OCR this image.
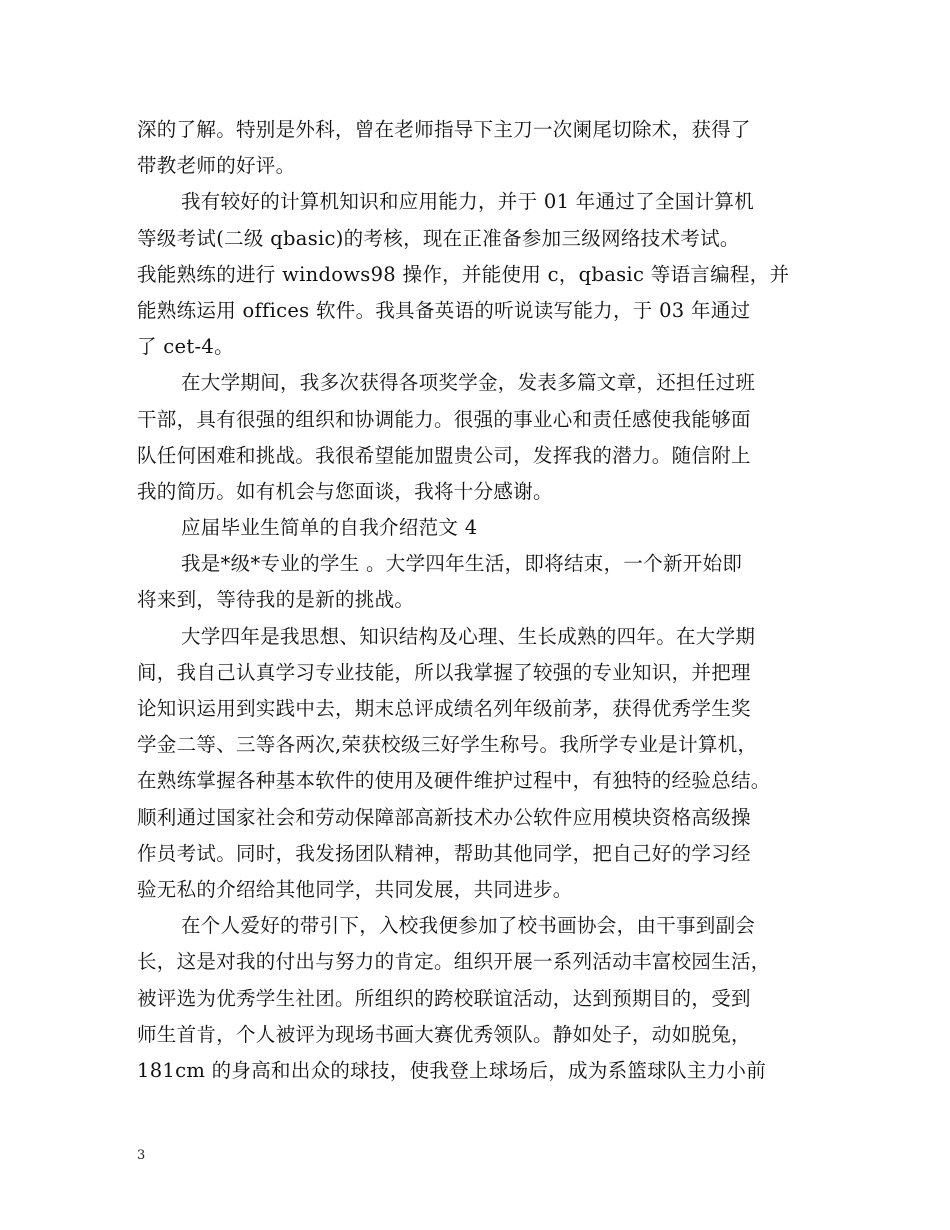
深的了解。特别是外科，曾在老师指导下主刀一次阑尾切除术，获得了
带教老师的好评。
我有较好的计算机知识和应用能力，并于 01 年通过了全国计算机
等级考试(二级 qbasic)的考核，现在正准备参加三级网络技术考试。
我能熟练的进行 windows98 操作，并能使用 c，qbasic 等语言编程，并
能熟练运用 offices 软件。我具备英语的听说读写能力，于 03 年通过
了 cet-4。
在大学期间，我多次获得各项奖学金，发表多篇文章，还担任过班
干部，具有很强的组织和协调能力。很强的事业心和责任感使我能够面
队任何困难和挑战。我很希望能加盟贵公司，发挥我的潜力。随信附上
我的简历。如有机会与您面谈，我将十分感谢。
应届毕业生简单的自我介绍范文 4
我是*级*专业的学生 。大学四年生活，即将结束，一个新开始即
将来到，等待我的是新的挑战。
大学四年是我思想、知识结构及心理、生长成熟的四年。在大学期
间，我自己认真学习专业技能，所以我掌握了较强的专业知识，并把理
论知识运用到实践中去，期末总评成绩名列年级前茅，获得优秀学生奖
学金二等、三等各两次,荣获校级三好学生称号。我所学专业是计算机，
在熟练掌握各种基本软件的使用及硬件维护过程中，有独特的经验总结。
顺利通过国家社会和劳动保障部高新技术办公软件应用模块资格高级操
作员考试。同时，我发扬团队精神，帮助其他同学，把自己好的学习经
验无私的介绍给其他同学，共同发展，共同进步。
在个人爱好的带引下，入校我便参加了校书画协会，由干事到副会
长，这是对我的付出与努力的肯定。组织开展一系列活动丰富校园生活，
被评选为优秀学生社团。所组织的跨校联谊活动，达到预期目的，受到
师生首肯，个人被评为现场书画大赛优秀领队。静如处子，动如脱兔，
181cm 的身高和出众的球技，使我登上球场后，成为系篮球队主力小前
3
